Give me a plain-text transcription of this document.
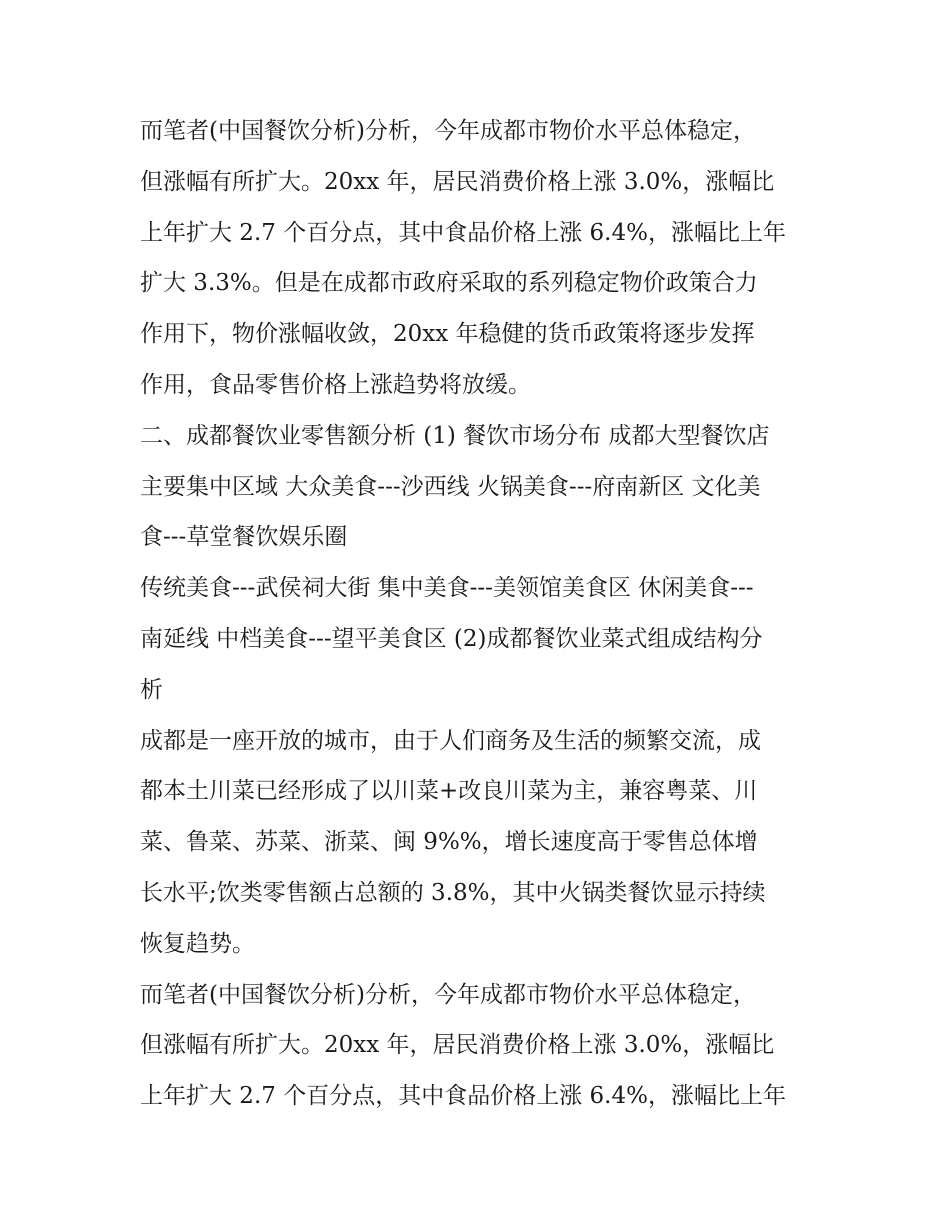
而笔者(中国餐饮分析)分析，今年成都市物价水平总体稳定，
但涨幅有所扩大。20xx 年，居民消费价格上涨 3.0%，涨幅比
上年扩大 2.7 个百分点，其中食品价格上涨 6.4%，涨幅比上年
扩大 3.3%。但是在成都市政府采取的系列稳定物价政策合力
作用下，物价涨幅收敛，20xx 年稳健的货币政策将逐步发挥
作用，食品零售价格上涨趋势将放缓。
二、成都餐饮业零售额分析 (1) 餐饮市场分布 成都大型餐饮店
主要集中区域 大众美食---沙西线 火锅美食---府南新区 文化美
食---草堂餐饮娱乐圈
传统美食---武侯祠大街 集中美食---美领馆美食区 休闲美食---
南延线 中档美食---望平美食区 (2)成都餐饮业菜式组成结构分
析
成都是一座开放的城市，由于人们商务及生活的频繁交流，成
都本土川菜已经形成了以川菜+改良川菜为主，兼容粤菜、川
菜、鲁菜、苏菜、浙菜、闽 9%%，增长速度高于零售总体增
长水平;饮类零售额占总额的 3.8%，其中火锅类餐饮显示持续
恢复趋势。
而笔者(中国餐饮分析)分析，今年成都市物价水平总体稳定，
但涨幅有所扩大。20xx 年，居民消费价格上涨 3.0%，涨幅比
上年扩大 2.7 个百分点，其中食品价格上涨 6.4%，涨幅比上年
